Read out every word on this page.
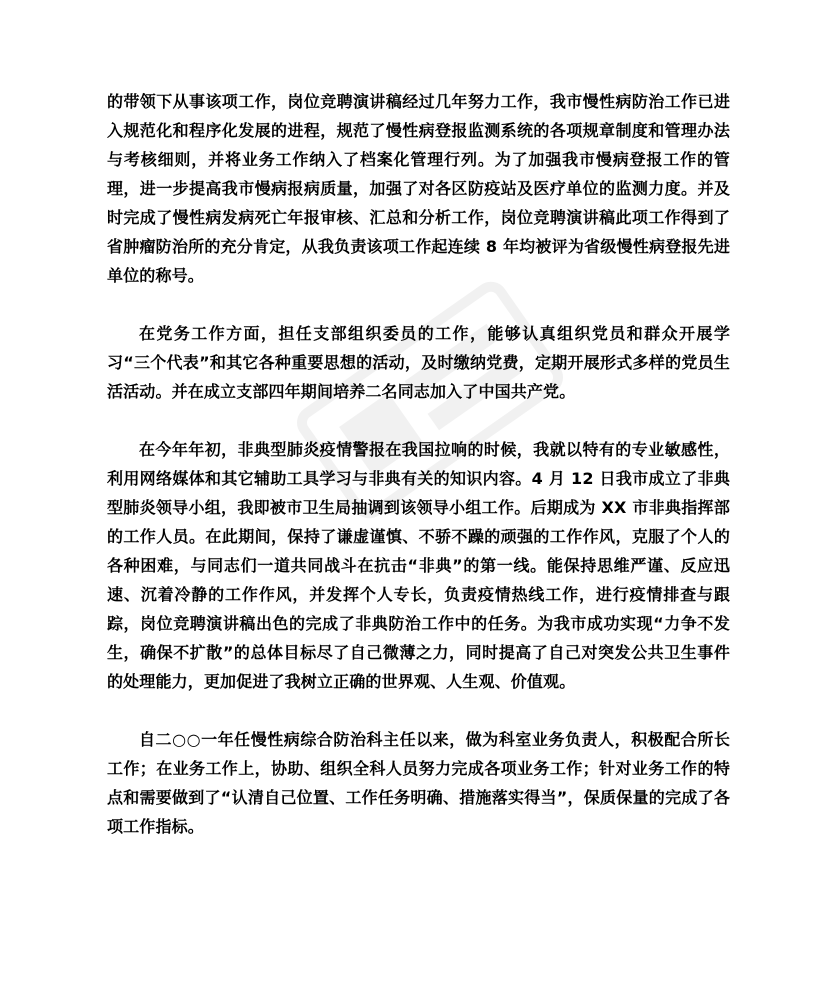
的带领下从事该项工作，岗位竞聘演讲稿经过几年努力工作，我市慢性病防治工作已进入规范化和程序化发展的进程，规范了慢性病登报监测系统的各项规章制度和管理办法与考核细则，并将业务工作纳入了档案化管理行列。为了加强我市慢病登报工作的管理，进一步提高我市慢病报病质量，加强了对各区防疫站及医疗单位的监测力度。并及时完成了慢性病发病死亡年报审核、汇总和分析工作，岗位竞聘演讲稿此项工作得到了省肿瘤防治所的充分肯定，从我负责该项工作起连续 8 年均被评为省级慢性病登报先进单位的称号。

在党务工作方面，担任支部组织委员的工作，能够认真组织党员和群众开展学习“三个代表”和其它各种重要思想的活动，及时缴纳党费，定期开展形式多样的党员生活活动。并在成立支部四年期间培养二名同志加入了中国共产党。

在今年年初，非典型肺炎疫情警报在我国拉响的时候，我就以特有的专业敏感性，利用网络媒体和其它辅助工具学习与非典有关的知识内容。4 月 12 日我市成立了非典型肺炎领导小组，我即被市卫生局抽调到该领导小组工作。后期成为 XX 市非典指挥部的工作人员。在此期间，保持了谦虚谨慎、不骄不躁的顽强的工作作风，克服了个人的各种困难，与同志们一道共同战斗在抗击“非典”的第一线。能保持思维严谨、反应迅速、沉着冷静的工作作风，并发挥个人专长，负责疫情热线工作，进行疫情排查与跟踪，岗位竞聘演讲稿出色的完成了非典防治工作中的任务。为我市成功实现“力争不发生，确保不扩散”的总体目标尽了自己微薄之力，同时提高了自己对突发公共卫生事件的处理能力，更加促进了我树立正确的世界观、人生观、价值观。

自二○○一年任慢性病综合防治科主任以来，做为科室业务负责人，积极配合所长工作；在业务工作上，协助、组织全科人员努力完成各项业务工作；针对业务工作的特点和需要做到了“认清自己位置、工作任务明确、措施落实得当”，保质保量的完成了各项工作指标。
